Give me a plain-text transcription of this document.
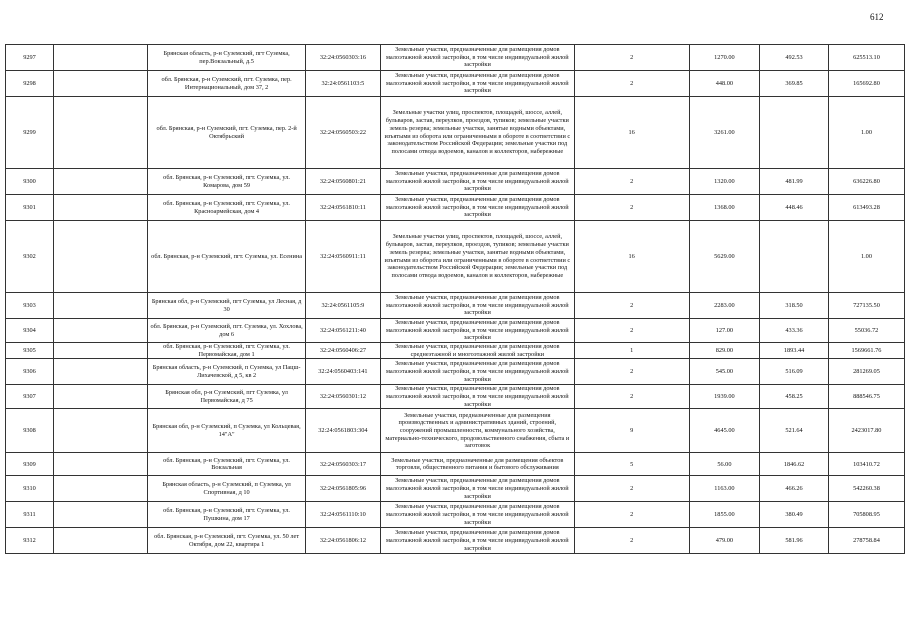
612
9297		Брянская область, р-н Суземский, пгт Суземка, пер.Вокзальный, д.5	32:24:0560303:16	Земельные участки, предназначенные для размещения домов малоэтажной жилой застройки, в том числе индивидуальной жилой застройки	2	1270.00	492.53	625513.10
9298		обл. Брянская, р-н Суземский, пгт. Суземка, пер. Интернациональный, дом 37, 2	32:24:0561103:5	Земельные участки, предназначенные для размещения домов малоэтажной жилой застройки, в том числе индивидуальной жилой застройки	2	448.00	369.85	165692.80
9299		обл. Брянская, р-н Суземский, пгт. Суземка, пер. 2-й Октябрьский	32:24:0560503:22	Земельные участки улиц, проспектов, площадей, шоссе, аллей, бульваров, застав, переулков, проездов, тупиков; земельные участки земель резерва; земельные участки, занятые водными объектами, изъятыми из оборота или ограниченными в обороте в соответствии с законодательством Российской Федерации; земельные участки под полосами отвода водоемов, каналов и коллекторов, набережные	16	3261.00		1.00
9300		обл. Брянская, р-н Суземский, пгт. Суземка, ул. Комарова, дом 59	32:24:0560801:21	Земельные участки, предназначенные для размещения домов малоэтажной жилой застройки, в том числе индивидуальной жилой застройки	2	1320.00	481.99	636226.80
9301		обл. Брянская, р-н Суземский, пгт. Суземка, ул. Красноармейская, дом 4	32:24:0561810:11	Земельные участки, предназначенные для размещения домов малоэтажной жилой застройки, в том числе индивидуальной жилой застройки	2	1368.00	448.46	613493.28
9302		обл. Брянская, р-н Суземский, пгт. Суземка, ул. Есенина	32:24:0560911:11	Земельные участки улиц, проспектов, площадей, шоссе, аллей, бульваров, застав, переулков, проездов, тупиков; земельные участки земель резерва; земельные участки, занятые водными объектами, изъятыми из оборота или ограниченными в обороте в соответствии с законодательством Российской Федерации; земельные участки под полосами отвода водоемов, каналов и коллекторов, набережные	16	5629.00		1.00
9303		Брянская обл, р-н Суземский, пгт Суземка, ул Лесная, д 30	32:24:0561105:9	Земельные участки, предназначенные для размещения домов малоэтажной жилой застройки, в том числе индивидуальной жилой застройки	2	2283.00	318.50	727135.50
9304		обл. Брянская, р-н Суземский, пгт. Суземка, ул. Хохлова, дом 6	32:24:0561211:40	Земельные участки, предназначенные для размещения домов малоэтажной жилой застройки, в том числе индивидуальной жилой застройки	2	127.00	433.36	55036.72
9305		обл. Брянская, р-н Суземский, пгт. Суземка, ул. Первомайская, дом 1	32:24:0560406:27	Земельные участки, предназначенные для размещения домов среднеэтажной и многоэтажной жилой застройки	1	829.00	1893.44	1569661.76
9306		Брянская область, р-н Суземский, п Суземка, ул Пацш-Лихачевской, д 5, кв 2	32:24:0560403:141	Земельные участки, предназначенные для размещения домов малоэтажной жилой застройки, в том числе индивидуальной жилой застройки	2	545.00	516.09	281269.05
9307		Брянская обл, р-н Суземский, пгт Суземка, ул Первомайская, д 75	32:24:0560301:12	Земельные участки, предназначенные для размещения домов малоэтажной жилой застройки, в том числе индивидуальной жилой застройки	2	1939.00	458.25	888546.75
9308		Брянская обл, р-н Суземский, п Суземка, ул Кольцевая, 14"А"	32:24:0561803:304	Земельные участки, предназначенные для размещения производственных и административных зданий, строений, сооружений промышленности, коммунального хозяйства, материально-технического, продовольственного снабжения, сбыта и заготовок	9	4645.00	521.64	2423017.80
9309		обл. Брянская, р-н Суземский, пгт. Суземка, ул. Вокзальная	32:24:0560303:17	Земельные участки, предназначенные для размещения объектов торговли, общественного питания и бытового обслуживания	5	56.00	1846.62	103410.72
9310		Брянская область, р-н Суземский, п Суземка, ул Спортивная, д 10	32:24:0561805:96	Земельные участки, предназначенные для размещения домов малоэтажной жилой застройки, в том числе индивидуальной жилой застройки	2	1163.00	466.26	542260.38
9311		обл. Брянская, р-н Суземский, пгт. Суземка, ул. Пушкина, дом 17	32:24:0561110:10	Земельные участки, предназначенные для размещения домов малоэтажной жилой застройки, в том числе индивидуальной жилой застройки	2	1855.00	380.49	705808.95
9312		обл. Брянская, р-н Суземский, пгт. Суземка, ул. 50 лет Октября, дом 22, квартира 1	32:24:0561806:12	Земельные участки, предназначенные для размещения домов малоэтажной жилой застройки, в том числе индивидуальной жилой застройки	2	479.00	581.96	278758.84
